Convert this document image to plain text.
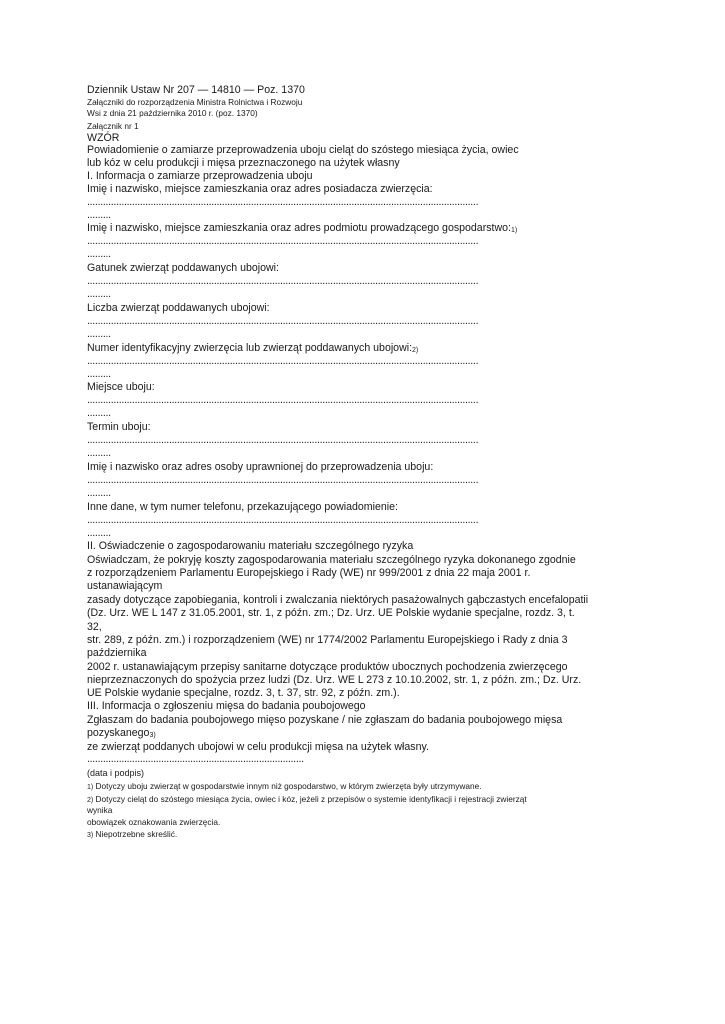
Dziennik Ustaw Nr 207 — 14810 — Poz. 1370
Załączniki do rozporządzenia Ministra Rolnictwa i Rozwoju
Wsi z dnia 21 października 2010 r. (poz. 1370)
Załącznik nr 1
WZÓR
Powiadomienie o zamiarze przeprowadzenia uboju cieląt do szóstego miesiąca życia, owiec
lub kóz w celu produkcji i mięsa przeznaczonego na użytek własny
I. Informacja o zamiarze przeprowadzenia uboju
Imię i nazwisko, miejsce zamieszkania oraz adres posiadacza zwierzęcia:
....................................................................................................................................................
.........
Imię i nazwisko, miejsce zamieszkania oraz adres podmiotu prowadzącego gospodarstwo:$^{1)}$
....................................................................................................................................................
.........
Gatunek zwierząt poddawanych ubojowi:
....................................................................................................................................................
.........
Liczba zwierząt poddawanych ubojowi:
....................................................................................................................................................
.........
Numer identyfikacyjny zwierzęcia lub zwierząt poddawanych ubojowi:$^{2)}$
....................................................................................................................................................
.........
Miejsce uboju:
....................................................................................................................................................
.........
Termin uboju:
....................................................................................................................................................
.........
Imię i nazwisko oraz adres osoby uprawnionej do przeprowadzenia uboju:
....................................................................................................................................................
.........
Inne dane, w tym numer telefonu, przekazującego powiadomienie:
....................................................................................................................................................
.........
II. Oświadczenie o zagospodarowaniu materiału szczególnego ryzyka
Oświadczam, że pokryję koszty zagospodarowania materiału szczególnego ryzyka dokonanego zgodnie
z rozporządzeniem Parlamentu Europejskiego i Rady (WE) nr 999/2001 z dnia 22 maja 2001 r.
ustanawiającym
zasady dotyczące zapobiegania, kontroli i zwalczania niektórych pasażowalnych gąbczastych encefalopatii
(Dz. Urz. WE L 147 z 31.05.2001, str. 1, z późn. zm.; Dz. Urz. UE Polskie wydanie specjalne, rozdz. 3, t.
32,
str. 289, z późn. zm.) i rozporządzeniem (WE) nr 1774/2002 Parlamentu Europejskiego i Rady z dnia 3
października
2002 r. ustanawiającym przepisy sanitarne dotyczące produktów ubocznych pochodzenia zwierzęcego
nieprzeznaczonych do spożycia przez ludzi (Dz. Urz. WE L 273 z 10.10.2002, str. 1, z późn. zm.; Dz. Urz.
UE Polskie wydanie specjalne, rozdz. 3, t. 37, str. 92, z późn. zm.).
III. Informacja o zgłoszeniu mięsa do badania poubojowego
Zgłaszam do badania poubojowego mięso pozyskane / nie zgłaszam do badania poubojowego mięsa
pozyskanego$^{3)}$
ze zwierząt poddanych ubojowi w celu produkcji mięsa na użytek własny.
..................................................................................
(data i podpis)
1) Dotyczy uboju zwierząt w gospodarstwie innym niż gospodarstwo, w którym zwierzęta były utrzymywane.
2) Dotyczy cieląt do szóstego miesiąca życia, owiec i kóz, jeżeli z przepisów o systemie identyfikacji i rejestracji zwierząt
wynika
obowiązek oznakowania zwierzęcia.
3) Niepotrzebne skreślić.
